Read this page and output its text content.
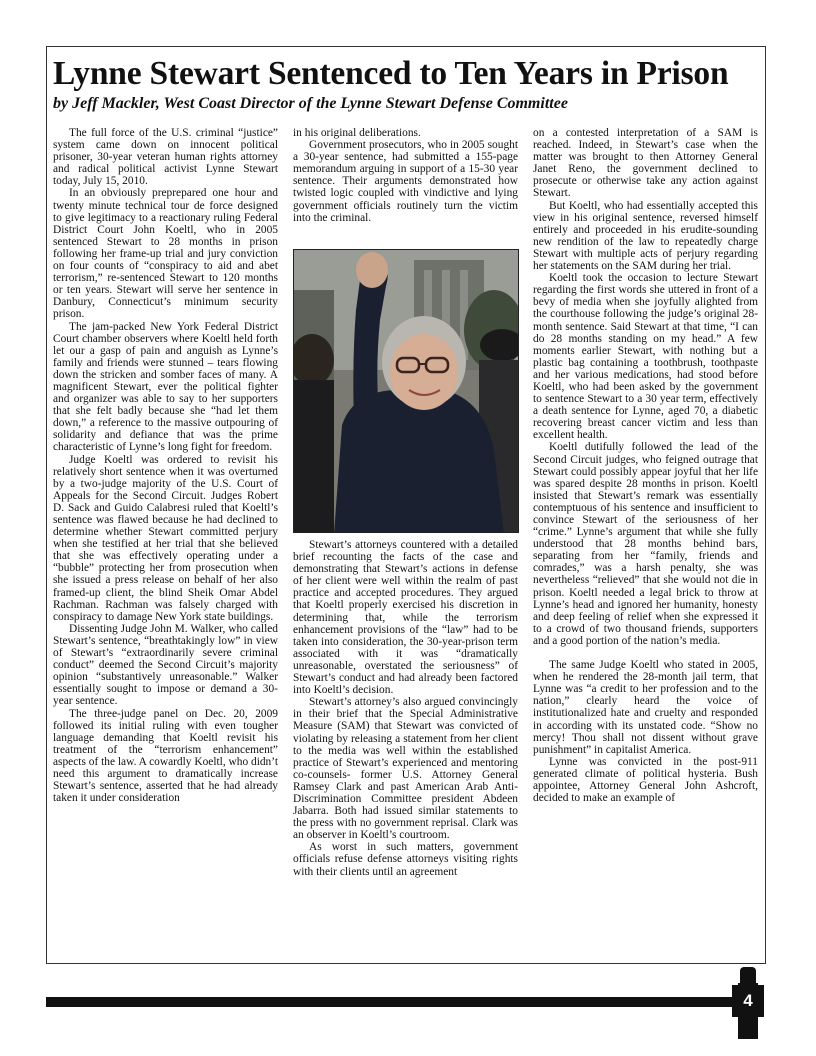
Lynne Stewart Sentenced to Ten Years in Prison
by Jeff Mackler, West Coast Director of the Lynne Stewart Defense Committee

The full force of the U.S. criminal “justice” system came down on innocent political prisoner, 30-year veteran human rights attorney and radical political activist Lynne Stewart today, July 15, 2010.

In an obviously preprepared one hour and twenty minute technical tour de force designed to give legitimacy to a reactionary ruling Federal District Court John Koeltl, who in 2005 sentenced Stewart to 28 months in prison following her frame-up trial and jury conviction on four counts of “conspiracy to aid and abet terrorism,” re-sentenced Stewart to 120 months or ten years. Stewart will serve her sentence in Danbury, Connecticut’s minimum security prison.

The jam-packed New York Federal District Court chamber observers where Koeltl held forth let our a gasp of pain and anguish as Lynne’s family and friends were stunned – tears flowing down the stricken and somber faces of many. A magnificent Stewart, ever the political fighter and organizer was able to say to her supporters that she felt badly because she “had let them down,” a reference to the massive outpouring of solidarity and defiance that was the prime characteristic of Lynne’s long fight for freedom.

Judge Koeltl was ordered to revisit his relatively short sentence when it was overturned by a two-judge majority of the U.S. Court of Appeals for the Second Circuit. Judges Robert D. Sack and Guido Calabresi ruled that Koeltl’s sentence was flawed because he had declined to determine whether Stewart committed perjury when she testified at her trial that she believed that she was effectively operating under a “bubble” protecting her from prosecution when she issued a press release on behalf of her also framed-up client, the blind Sheik Omar Abdel Rachman. Rachman was falsely charged with conspiracy to damage New York state buildings.

Dissenting Judge John M. Walker, who called Stewart’s sentence, “breathtakingly low” in view of Stewart’s “extraordinarily severe criminal conduct” deemed the Second Circuit’s majority opinion “substantively unreasonable.” Walker essentially sought to impose or demand a 30-year sentence.

The three-judge panel on Dec. 20, 2009 followed its initial ruling with even tougher language demanding that Koeltl revisit his treatment of the “terrorism enhancement” aspects of the law. A cowardly Koeltl, who didn’t need this argument to dramatically increase Stewart’s sentence, asserted that he had already taken it under consideration

in his original deliberations.

Government prosecutors, who in 2005 sought a 30-year sentence, had submitted a 155-page memorandum arguing in support of a 15-30 year sentence. Their arguments demonstrated how twisted logic coupled with vindictive and lying government officials routinely turn the victim into the criminal.

Stewart’s attorneys countered with a detailed brief recounting the facts of the case and demonstrating that Stewart’s actions in defense of her client were well within the realm of past practice and accepted procedures. They argued that Koeltl properly exercised his discretion in determining that, while the terrorism enhancement provisions of the “law” had to be taken into consideration, the 30-year-prison term associated with it was “dramatically unreasonable, overstated the seriousness” of Stewart’s conduct and had already been factored into Koeltl’s decision.

Stewart’s attorney’s also argued convincingly in their brief that the Special Administrative Measure (SAM) that Stewart was convicted of violating by releasing a statement from her client to the media was well within the established practice of Stewart’s experienced and mentoring co-counsels- former U.S. Attorney General Ramsey Clark and past American Arab Anti-Discrimination Committee president Abdeen Jabarra. Both had issued similar statements to the press with no government reprisal. Clark was an observer in Koeltl’s courtroom.

As worst in such matters, government officials refuse defense attorneys visiting rights with their clients until an agreement

on a contested interpretation of a SAM is reached. Indeed, in Stewart’s case when the matter was brought to then Attorney General Janet Reno, the government declined to prosecute or otherwise take any action against Stewart.

But Koeltl, who had essentially accepted this view in his original sentence, reversed himself entirely and proceeded in his erudite-sounding new rendition of the law to repeatedly charge Stewart with multiple acts of perjury regarding her statements on the SAM during her trial.

Koeltl took the occasion to lecture Stewart regarding the first words she uttered in front of a bevy of media when she joyfully alighted from the courthouse following the judge’s original 28-month sentence. Said Stewart at that time, “I can do 28 months standing on my head.” A few moments earlier Stewart, with nothing but a plastic bag containing a toothbrush, toothpaste and her various medications, had stood before Koeltl, who had been asked by the government to sentence Stewart to a 30 year term, effectively a death sentence for Lynne, aged 70, a diabetic recovering breast cancer victim and less than excellent health.

Koeltl dutifully followed the lead of the Second Circuit judges, who feigned outrage that Stewart could possibly appear joyful that her life was spared despite 28 months in prison. Koeltl insisted that Stewart’s remark was essentially contemptuous of his sentence and insufficient to convince Stewart of the seriousness of her “crime.” Lynne’s argument that while she fully understood that 28 months behind bars, separating from her “family, friends and comrades,” was a harsh penalty, she was nevertheless “relieved” that she would not die in prison. Koeltl needed a legal brick to throw at Lynne’s head and ignored her humanity, honesty and deep feeling of relief when she expressed it to a crowd of two thousand friends, supporters and a good portion of the nation’s media.

The same Judge Koeltl who stated in 2005, when he rendered the 28-month jail term, that Lynne was “a credit to her profession and to the nation,” clearly heard the voice of institutionalized hate and cruelty and responded in according with its unstated code. “Show no mercy! Thou shall not dissent without grave punishment” in capitalist America.

Lynne was convicted in the post-911 generated climate of political hysteria. Bush appointee, Attorney General John Ashcroft, decided to make an example of

4
